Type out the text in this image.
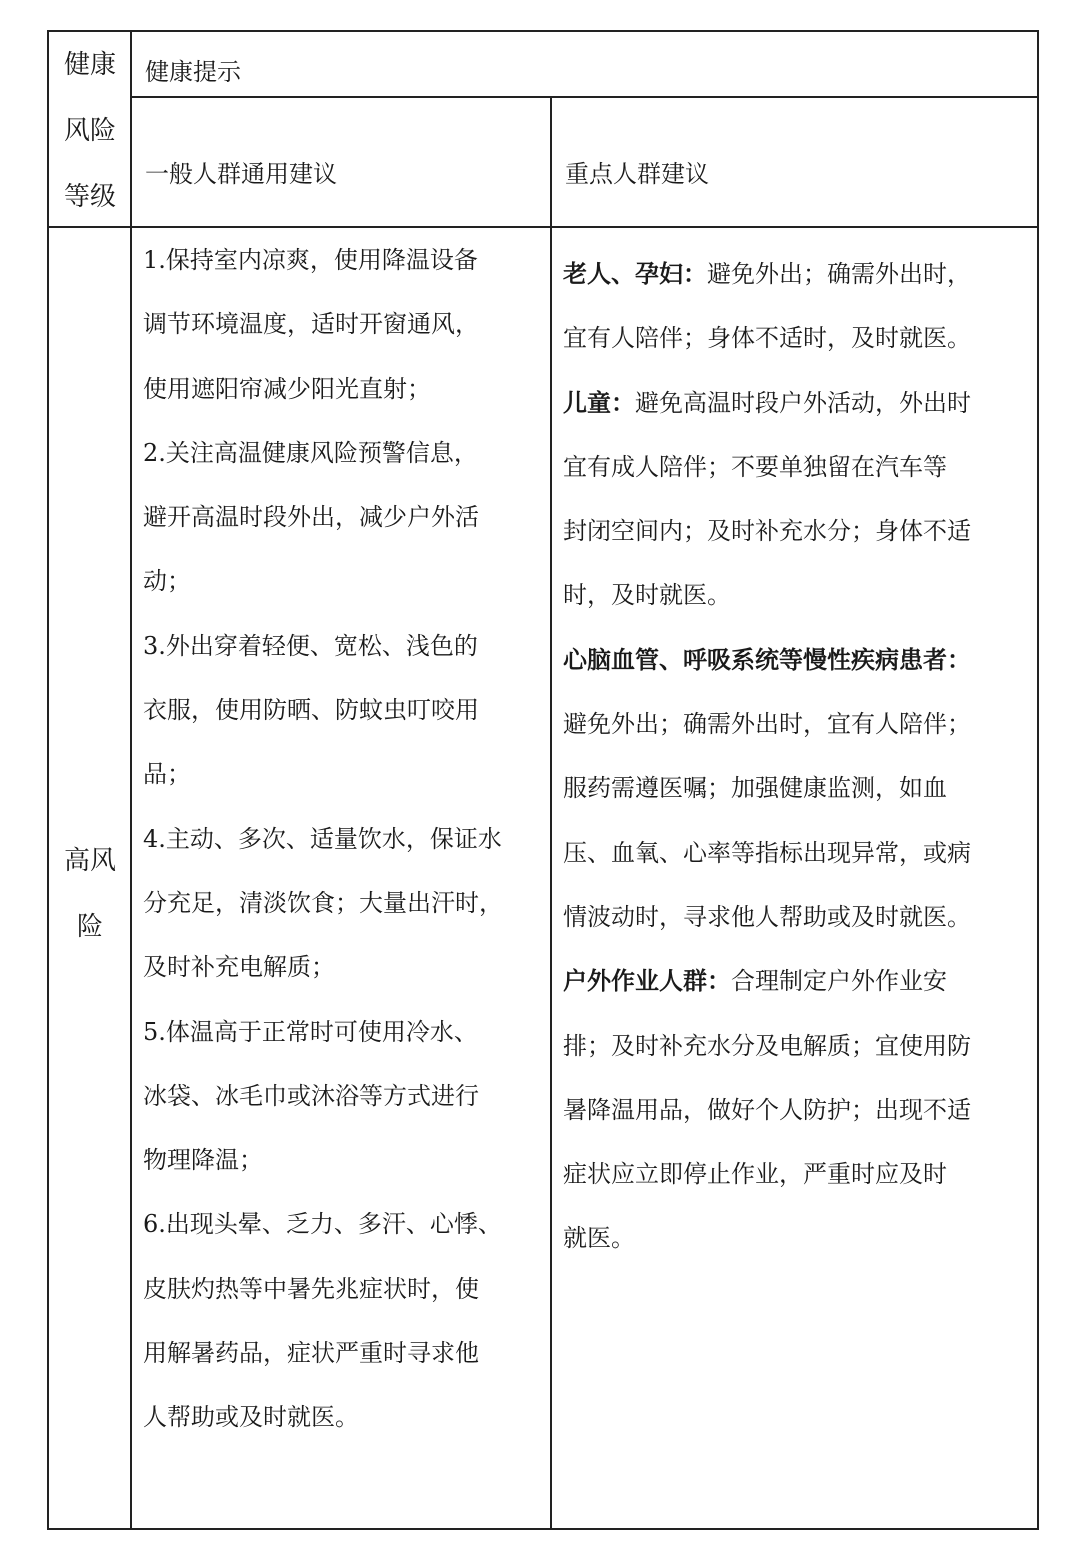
健康
风险
等级
健康提示
一般人群通用建议	重点人群建议
高风
险
1.保持室内凉爽，使用降温设备
调节环境温度，适时开窗通风，
使用遮阳帘减少阳光直射；
2.关注高温健康风险预警信息，
避开高温时段外出，减少户外活
动；
3.外出穿着轻便、宽松、浅色的
衣服，使用防晒、防蚊虫叮咬用
品；
4.主动、多次、适量饮水，保证水
分充足，清淡饮食；大量出汗时，
及时补充电解质；
5.体温高于正常时可使用冷水、
冰袋、冰毛巾或沐浴等方式进行
物理降温；
6.出现头晕、乏力、多汗、心悸、
皮肤灼热等中暑先兆症状时，使
用解暑药品，症状严重时寻求他
人帮助或及时就医。
老人、孕妇：避免外出；确需外出时，
宜有人陪伴；身体不适时，及时就医。
儿童：避免高温时段户外活动，外出时
宜有成人陪伴；不要单独留在汽车等
封闭空间内；及时补充水分；身体不适
时，及时就医。
心脑血管、呼吸系统等慢性疾病患者：
避免外出；确需外出时，宜有人陪伴；
服药需遵医嘱；加强健康监测，如血
压、血氧、心率等指标出现异常，或病
情波动时，寻求他人帮助或及时就医。
户外作业人群：合理制定户外作业安
排；及时补充水分及电解质；宜使用防
暑降温用品，做好个人防护；出现不适
症状应立即停止作业，严重时应及时
就医。
